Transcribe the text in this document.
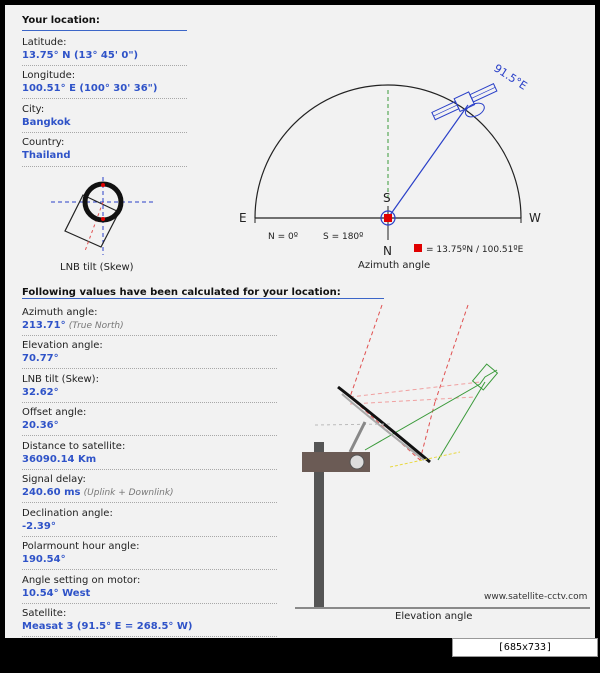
Your location:
Latitude:
13.75° N (13° 45' 0")
Longitude:
100.51° E (100° 30' 36")
City:
Bangkok
Country:
Thailand
LNB tilt (Skew)
91.5°E
E	W
S
N
N = 0º	S = 180º
= 13.75ºN / 100.51ºE
Azimuth angle
Following values have been calculated for your location:
Azimuth angle:
213.71° (True North)
Elevation angle:
70.77°
LNB tilt (Skew):
32.62°
Offset angle:
20.36°
Distance to satellite:
36090.14 Km
Signal delay:
240.60 ms (Uplink + Downlink)
Declination angle:
-2.39°
Polarmount hour angle:
190.54°
Angle setting on motor:
10.54° West
Satellite:
Measat 3 (91.5° E = 268.5° W)
www.satellite-cctv.com
Elevation angle
[685x733] http://upic.me/
